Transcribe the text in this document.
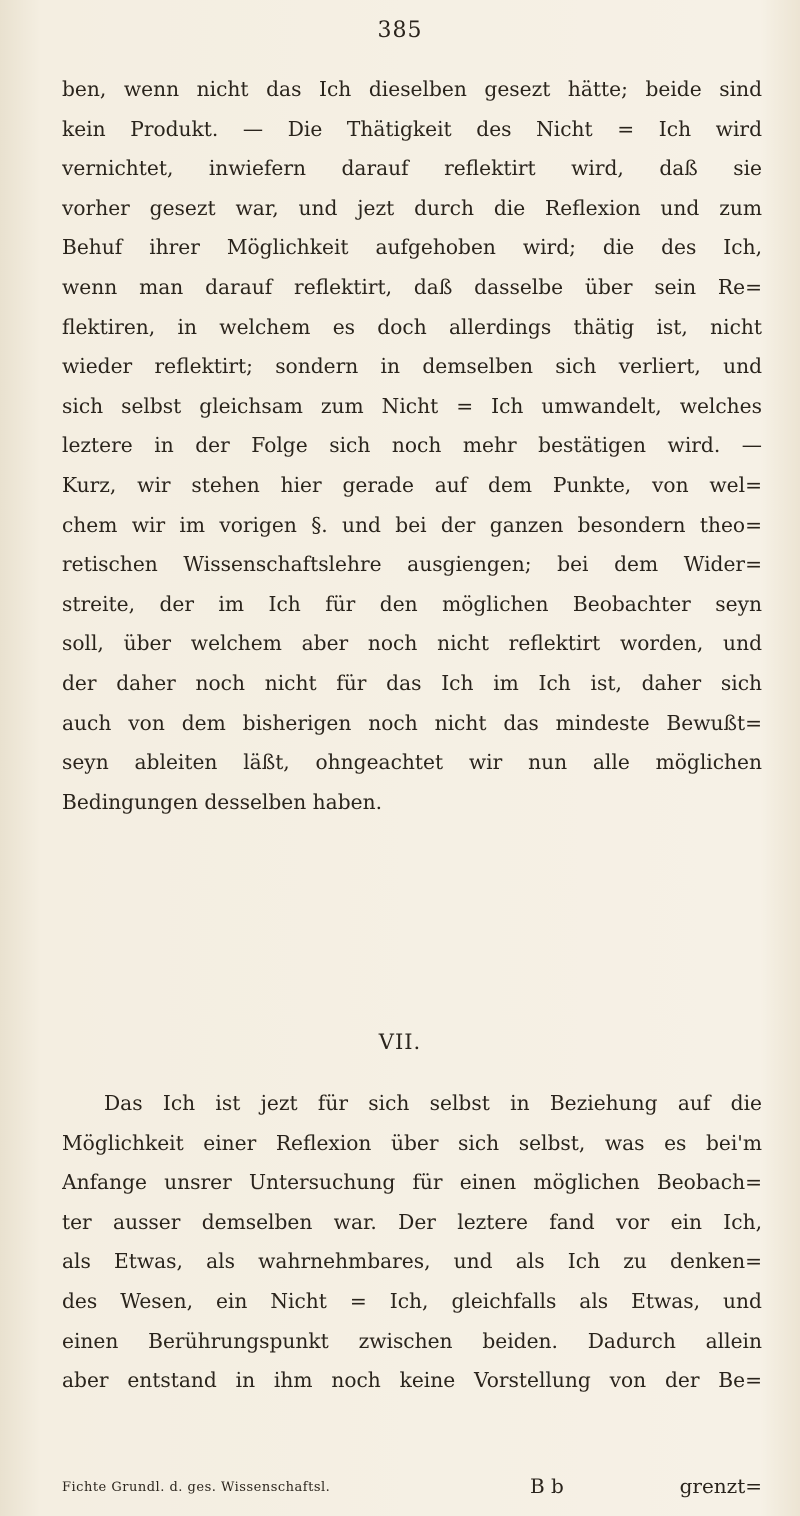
385
ben, wenn nicht das Ich dieselben gesezt hätte; beide sind
kein Produkt. — Die Thätigkeit des Nicht = Ich wird
vernichtet, inwiefern darauf reflektirt wird, daß sie
vorher gesezt war, und jezt durch die Reflexion und zum
Behuf ihrer Möglichkeit aufgehoben wird; die des Ich,
wenn man darauf reflektirt, daß dasselbe über sein Re=
flektiren, in welchem es doch allerdings thätig ist, nicht
wieder reflektirt; sondern in demselben sich verliert, und
sich selbst gleichsam zum Nicht = Ich umwandelt, welches
leztere in der Folge sich noch mehr bestätigen wird. —
Kurz, wir stehen hier gerade auf dem Punkte, von wel=
chem wir im vorigen §. und bei der ganzen besondern theo=
retischen Wissenschaftslehre ausgiengen; bei dem Wider=
streite, der im Ich für den möglichen Beobachter seyn
soll, über welchem aber noch nicht reflektirt worden, und
der daher noch nicht für das Ich im Ich ist, daher sich
auch von dem bisherigen noch nicht das mindeste Bewußt=
seyn ableiten läßt, ohngeachtet wir nun alle möglichen
Bedingungen desselben haben.
VII.
Das Ich ist jezt für sich selbst in Beziehung auf die
Möglichkeit einer Reflexion über sich selbst, was es bei'm
Anfange unsrer Untersuchung für einen möglichen Beobach=
ter ausser demselben war. Der leztere fand vor ein Ich,
als Etwas, als wahrnehmbares, und als Ich zu denken=
des Wesen, ein Nicht = Ich, gleichfalls als Etwas, und
einen Berührungspunkt zwischen beiden. Dadurch allein
aber entstand in ihm noch keine Vorstellung von der Be=
Fichte Grundl. d. ges. Wissenschaftsl.	B b	grenzt=
